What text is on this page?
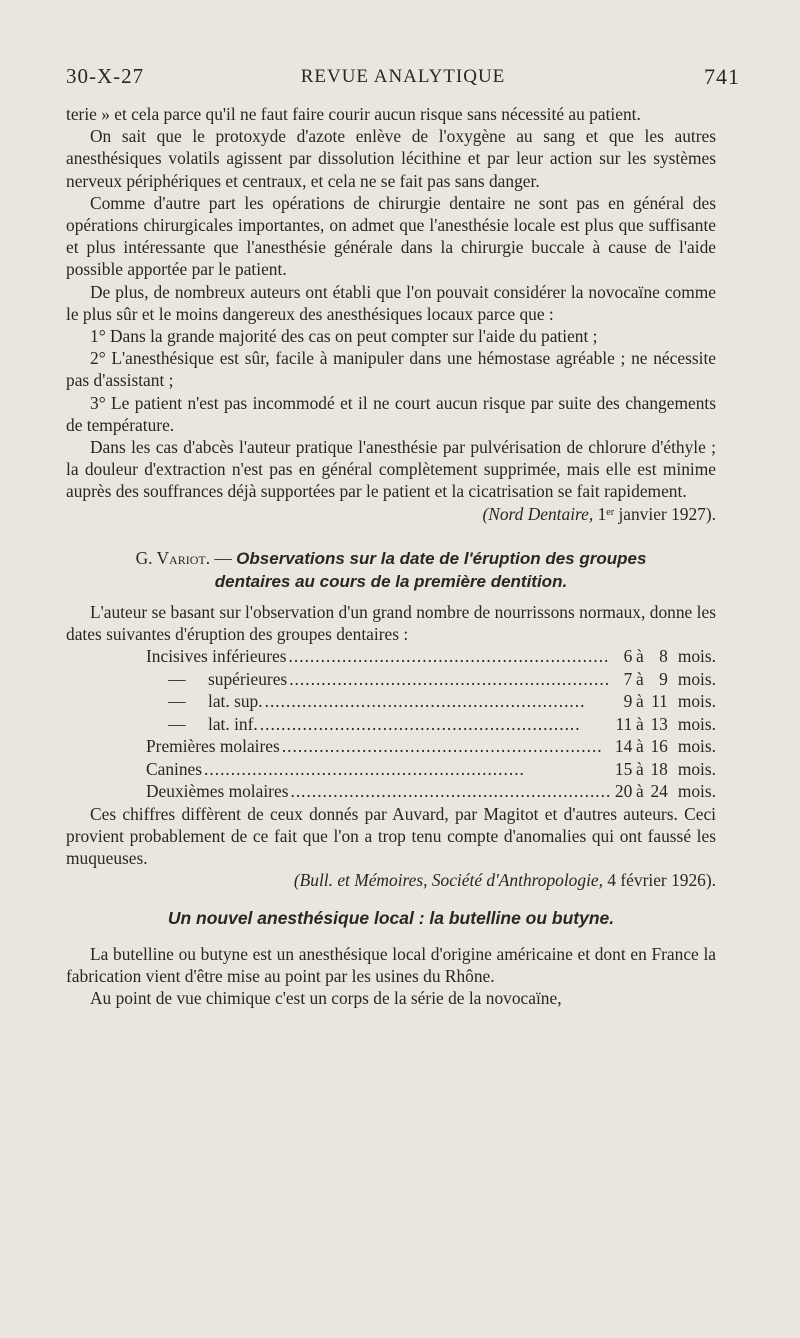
30-X-27	REVUE ANALYTIQUE	741

terie » et cela parce qu'il ne faut faire courir aucun risque sans nécessité au patient.

On sait que le protoxyde d'azote enlève de l'oxygène au sang et que les autres anesthésiques volatils agissent par dissolution lécithine et par leur action sur les systèmes nerveux périphériques et centraux, et cela ne se fait pas sans danger.

Comme d'autre part les opérations de chirurgie dentaire ne sont pas en général des opérations chirurgicales importantes, on admet que l'anesthésie locale est plus que suffisante et plus intéressante que l'anesthésie générale dans la chirurgie buccale à cause de l'aide possible apportée par le patient.

De plus, de nombreux auteurs ont établi que l'on pouvait considérer la novocaïne comme le plus sûr et le moins dangereux des anesthésiques locaux parce que :

1° Dans la grande majorité des cas on peut compter sur l'aide du patient ;

2° L'anesthésique est sûr, facile à manipuler dans une hémostase agréable ; ne nécessite pas d'assistant ;

3° Le patient n'est pas incommodé et il ne court aucun risque par suite des changements de température.

Dans les cas d'abcès l'auteur pratique l'anesthésie par pulvérisation de chlorure d'éthyle ; la douleur d'extraction n'est pas en général complètement supprimée, mais elle est minime auprès des souffrances déjà supportées par le patient et la cicatrisation se fait rapidement.

(Nord Dentaire, 1er janvier 1927).

G. Variot. — Observations sur la date de l'éruption des groupes
dentaires au cours de la première dentition.

L'auteur se basant sur l'observation d'un grand nombre de nourrissons normaux, donne les dates suivantes d'éruption des groupes dentaires :

Incisives inférieures ............................................................	6	à	8	mois.
— supérieures ............................................................	7	à	9	mois.
— lat. sup. ............................................................	9	à	11	mois.
— lat. inf. ............................................................	11	à	13	mois.
Premières molaires ............................................................	14	à	16	mois.
Canines ............................................................	15	à	18	mois.
Deuxièmes molaires ............................................................	20	à	24	mois.

Ces chiffres diffèrent de ceux donnés par Auvard, par Magitot et d'autres auteurs. Ceci provient probablement de ce fait que l'on a trop tenu compte d'anomalies qui ont faussé les muqueuses.

(Bull. et Mémoires, Société d'Anthropologie, 4 février 1926).

Un nouvel anesthésique local : la butelline ou butyne.

La butelline ou butyne est un anesthésique local d'origine américaine et dont en France la fabrication vient d'être mise au point par les usines du Rhône.

Au point de vue chimique c'est un corps de la série de la novocaïne,
